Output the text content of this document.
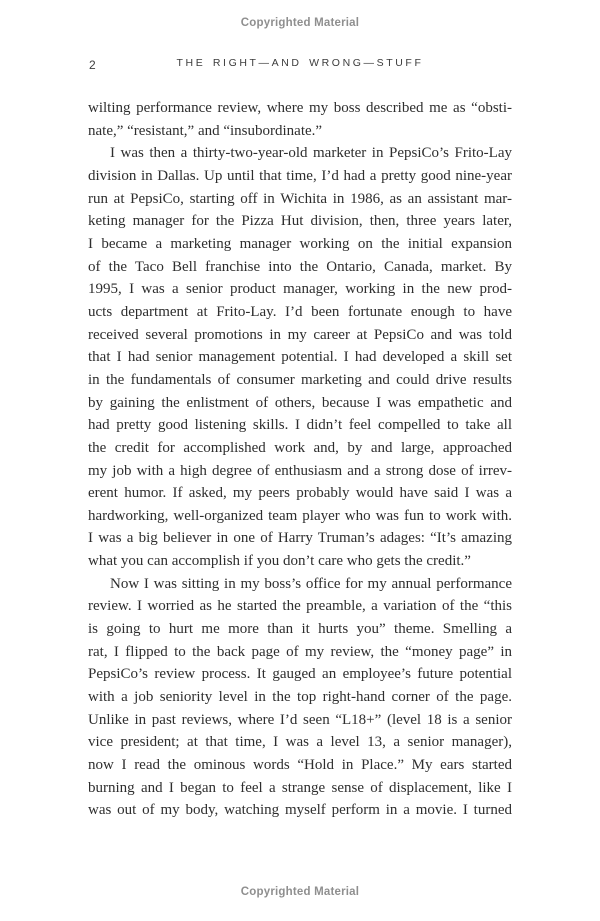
Copyrighted Material
2	THE RIGHT—AND WRONG—STUFF
wilting performance review, where my boss described me as “obsti-
nate,” “resistant,” and “insubordinate.”
I was then a thirty-two-year-old marketer in PepsiCo’s Frito-Lay
division in Dallas. Up until that time, I’d had a pretty good nine-year
run at PepsiCo, starting off in Wichita in 1986, as an assistant mar-
keting manager for the Pizza Hut division, then, three years later,
I became a marketing manager working on the initial expansion
of the Taco Bell franchise into the Ontario, Canada, market. By
1995, I was a senior product manager, working in the new prod-
ucts department at Frito-Lay. I’d been fortunate enough to have
received several promotions in my career at PepsiCo and was told
that I had senior management potential. I had developed a skill set
in the fundamentals of consumer marketing and could drive results
by gaining the enlistment of others, because I was empathetic and
had pretty good listening skills. I didn’t feel compelled to take all
the credit for accomplished work and, by and large, approached
my job with a high degree of enthusiasm and a strong dose of irrev-
erent humor. If asked, my peers probably would have said I was a
hardworking, well-organized team player who was fun to work with.
I was a big believer in one of Harry Truman’s adages: “It’s amazing
what you can accomplish if you don’t care who gets the credit.”
Now I was sitting in my boss’s office for my annual performance
review. I worried as he started the preamble, a variation of the “this
is going to hurt me more than it hurts you” theme. Smelling a
rat, I flipped to the back page of my review, the “money page” in
PepsiCo’s review process. It gauged an employee’s future potential
with a job seniority level in the top right-hand corner of the page.
Unlike in past reviews, where I’d seen “L18+” (level 18 is a senior
vice president; at that time, I was a level 13, a senior manager),
now I read the ominous words “Hold in Place.” My ears started
burning and I began to feel a strange sense of displacement, like I
was out of my body, watching myself perform in a movie. I turned
Copyrighted Material
